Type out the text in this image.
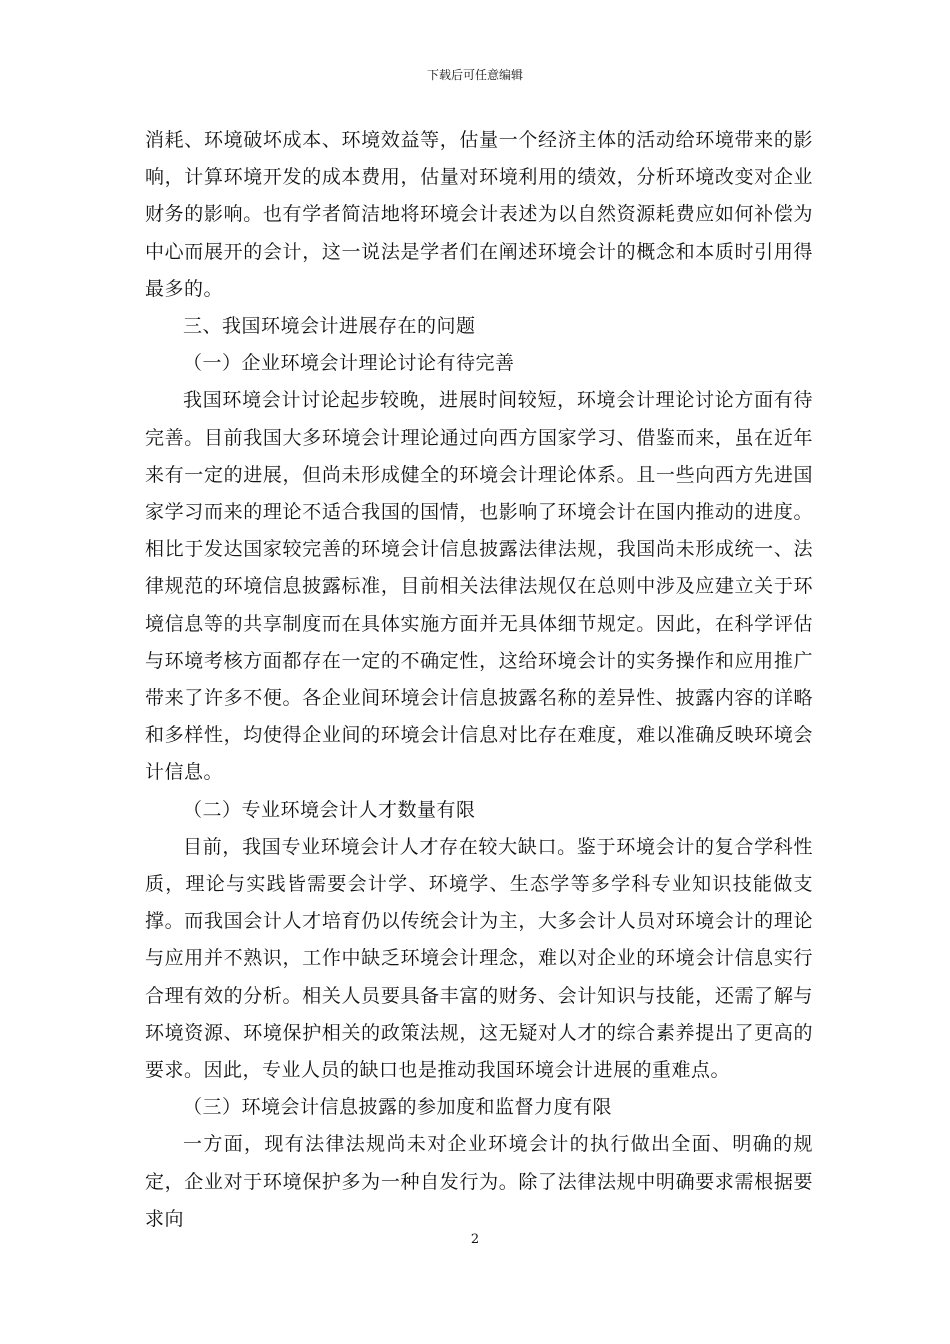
下载后可任意编辑

消耗、环境破坏成本、环境效益等，估量一个经济主体的活动给环境带来的影响，计算环境开发的成本费用，估量对环境利用的绩效，分析环境改变对企业财务的影响。也有学者简洁地将环境会计表述为以自然资源耗费应如何补偿为中心而展开的会计，这一说法是学者们在阐述环境会计的概念和本质时引用得最多的。

三、我国环境会计进展存在的问题

（一）企业环境会计理论讨论有待完善

我国环境会计讨论起步较晚，进展时间较短，环境会计理论讨论方面有待完善。目前我国大多环境会计理论通过向西方国家学习、借鉴而来，虽在近年来有一定的进展，但尚未形成健全的环境会计理论体系。且一些向西方先进国家学习而来的理论不适合我国的国情，也影响了环境会计在国内推动的进度。相比于发达国家较完善的环境会计信息披露法律法规，我国尚未形成统一、法律规范的环境信息披露标准，目前相关法律法规仅在总则中涉及应建立关于环境信息等的共享制度而在具体实施方面并无具体细节规定。因此，在科学评估与环境考核方面都存在一定的不确定性，这给环境会计的实务操作和应用推广带来了许多不便。各企业间环境会计信息披露名称的差异性、披露内容的详略和多样性，均使得企业间的环境会计信息对比存在难度，难以准确反映环境会计信息。

（二）专业环境会计人才数量有限

目前，我国专业环境会计人才存在较大缺口。鉴于环境会计的复合学科性质，理论与实践皆需要会计学、环境学、生态学等多学科专业知识技能做支撑。而我国会计人才培育仍以传统会计为主，大多会计人员对环境会计的理论与应用并不熟识，工作中缺乏环境会计理念，难以对企业的环境会计信息实行合理有效的分析。相关人员要具备丰富的财务、会计知识与技能，还需了解与环境资源、环境保护相关的政策法规，这无疑对人才的综合素养提出了更高的要求。因此，专业人员的缺口也是推动我国环境会计进展的重难点。

（三）环境会计信息披露的参加度和监督力度有限

一方面，现有法律法规尚未对企业环境会计的执行做出全面、明确的规定，企业对于环境保护多为一种自发行为。除了法律法规中明确要求需根据要求向

2
